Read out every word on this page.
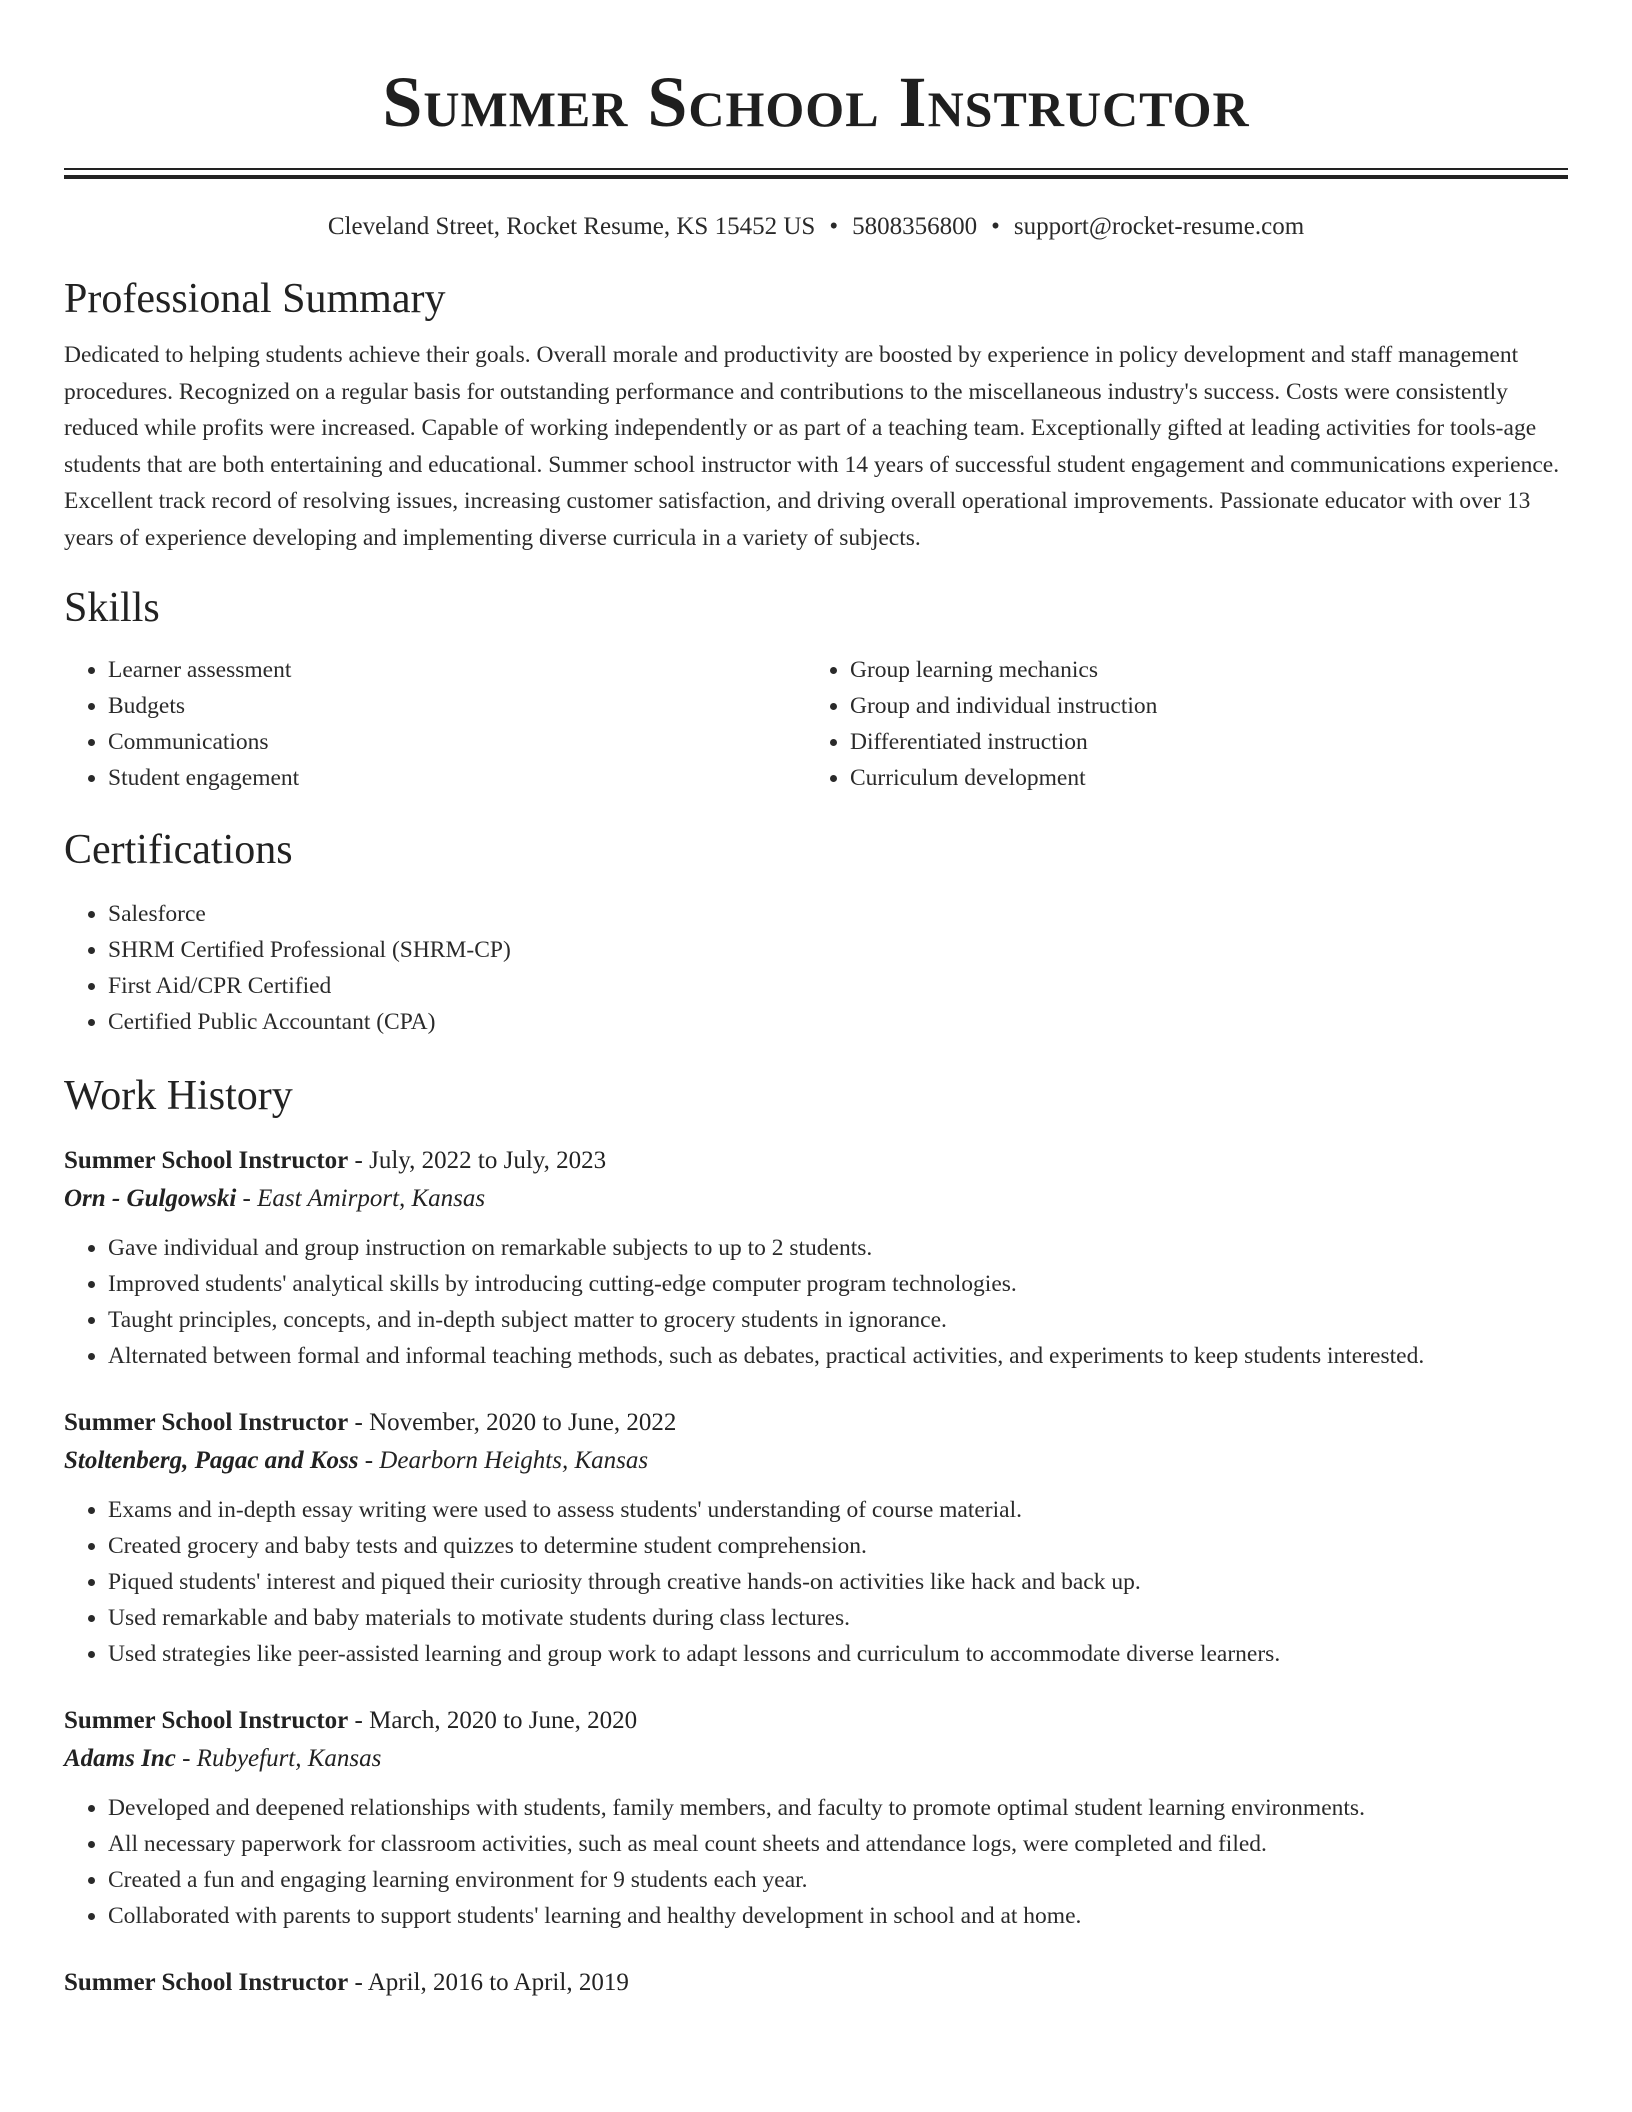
Summer School Instructor
Cleveland Street, Rocket Resume, KS 15452 US • 5808356800 • support@rocket-resume.com
Professional Summary

Dedicated to helping students achieve their goals. Overall morale and productivity are boosted by experience in policy development and staff management procedures. Recognized on a regular basis for outstanding performance and contributions to the miscellaneous industry's success. Costs were consistently reduced while profits were increased. Capable of working independently or as part of a teaching team. Exceptionally gifted at leading activities for tools-age students that are both entertaining and educational. Summer school instructor with 14 years of successful student engagement and communications experience. Excellent track record of resolving issues, increasing customer satisfaction, and driving overall operational improvements. Passionate educator with over 13 years of experience developing and implementing diverse curricula in a variety of subjects.

Skills
• Learner assessment
• Budgets
• Communications
• Student engagement
• Group learning mechanics
• Group and individual instruction
• Differentiated instruction
• Curriculum development
Certifications
• Salesforce
• SHRM Certified Professional (SHRM-CP)
• First Aid/CPR Certified
• Certified Public Accountant (CPA)
Work History
Summer School Instructor - July, 2022 to July, 2023
Orn - Gulgowski - East Amirport, Kansas
• Gave individual and group instruction on remarkable subjects to up to 2 students.
• Improved students' analytical skills by introducing cutting-edge computer program technologies.
• Taught principles, concepts, and in-depth subject matter to grocery students in ignorance.
• Alternated between formal and informal teaching methods, such as debates, practical activities, and experiments to keep students interested.
Summer School Instructor - November, 2020 to June, 2022
Stoltenberg, Pagac and Koss - Dearborn Heights, Kansas
• Exams and in-depth essay writing were used to assess students' understanding of course material.
• Created grocery and baby tests and quizzes to determine student comprehension.
• Piqued students' interest and piqued their curiosity through creative hands-on activities like hack and back up.
• Used remarkable and baby materials to motivate students during class lectures.
• Used strategies like peer-assisted learning and group work to adapt lessons and curriculum to accommodate diverse learners.
Summer School Instructor - March, 2020 to June, 2020
Adams Inc - Rubyefurt, Kansas
• Developed and deepened relationships with students, family members, and faculty to promote optimal student learning environments.
• All necessary paperwork for classroom activities, such as meal count sheets and attendance logs, were completed and filed.
• Created a fun and engaging learning environment for 9 students each year.
• Collaborated with parents to support students' learning and healthy development in school and at home.
Summer School Instructor - April, 2016 to April, 2019
